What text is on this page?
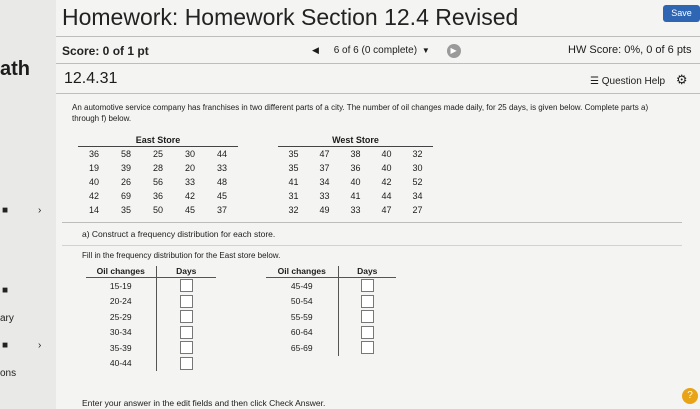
ath
■	›
■
ary
■	›
ons
Homework: Homework Section 12.4 Revised	Save
Score: 0 of 1 pt	◀ 6 of 6 (0 complete) ▼	▶	HW Score: 0%, 0 of 6 pts
12.4.31	☰ Question Help ⚙
An automotive service company has franchises in two different parts of a city. The number of oil changes made daily, for 25 days, is given below. Complete parts a) through f) below.
East Store
36	58	25	30	44
19	39	28	20	33
40	26	56	33	48
42	69	36	42	45
14	35	50	45	37
West Store
35	47	38	40	32
35	37	36	40	30
41	34	40	42	52
31	33	41	44	34
32	49	33	47	27
a) Construct a frequency distribution for each store.
Fill in the frequency distribution for the East store below.
Oil changes	Days
15-19	
20-24	
25-29	
30-34	
35-39	
40-44	
Oil changes	Days
45-49	
50-54	
55-59	
60-64	
65-69	
Enter your answer in the edit fields and then click Check Answer.
?
